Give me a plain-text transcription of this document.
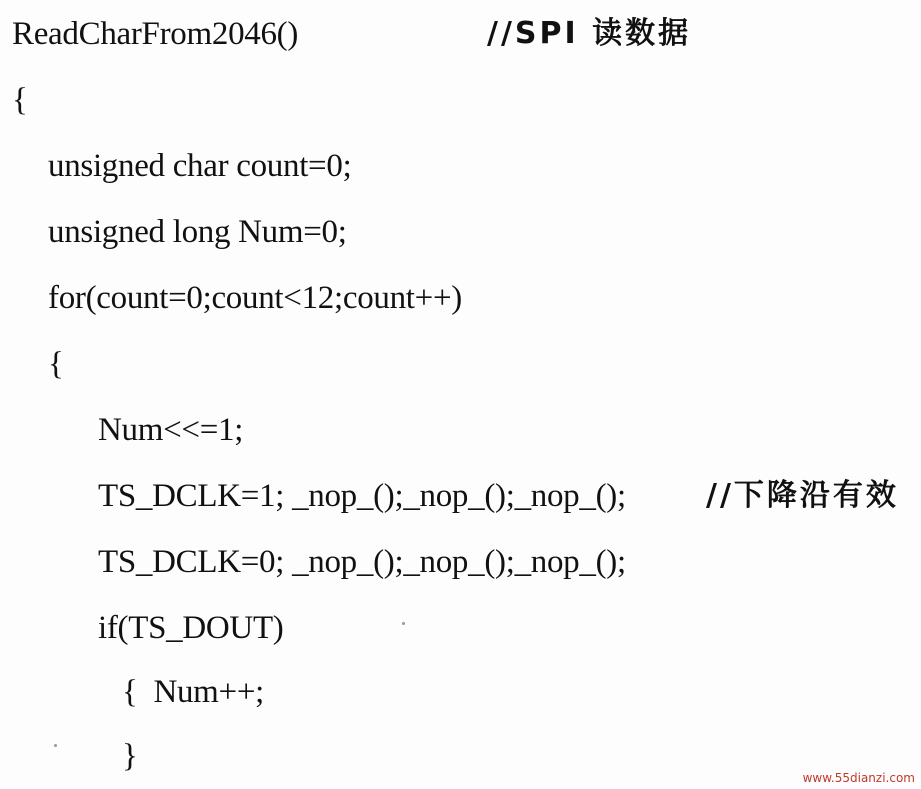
ReadCharFrom2046()	//SPI 读数据
{
unsigned char count=0;
unsigned long Num=0;
for(count=0;count<12;count++)
{
Num<<=1;
TS_DCLK=1; _nop_();_nop_();_nop_();	//下降沿有效
TS_DCLK=0; _nop_();_nop_();_nop_();
if(TS_DOUT)
{  Num++;
}
www.55dianzi.com
